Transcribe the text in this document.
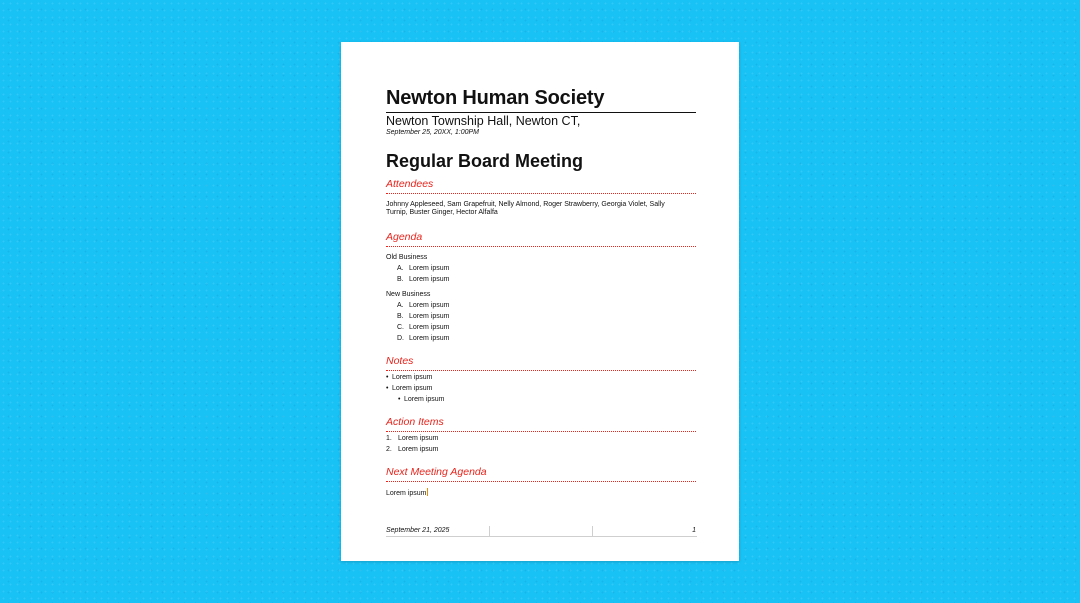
Newton Human Society
Newton Township Hall, Newton CT,
September 25, 20XX, 1:00PM
Regular Board Meeting
Attendees
Johnny Appleseed, Sam Grapefruit, Nelly Almond, Roger Strawberry, Georgia Violet, Sally
Turnip, Buster Ginger, Hector Alfalfa
Agenda
Old Business
A. Lorem ipsum
B. Lorem ipsum
New Business
A. Lorem ipsum
B. Lorem ipsum
C. Lorem ipsum
D. Lorem ipsum
Notes
• Lorem ipsum
• Lorem ipsum
• Lorem ipsum
Action Items
1. Lorem ipsum
2. Lorem ipsum
Next Meeting Agenda
Lorem ipsum
September 21, 2025	1
